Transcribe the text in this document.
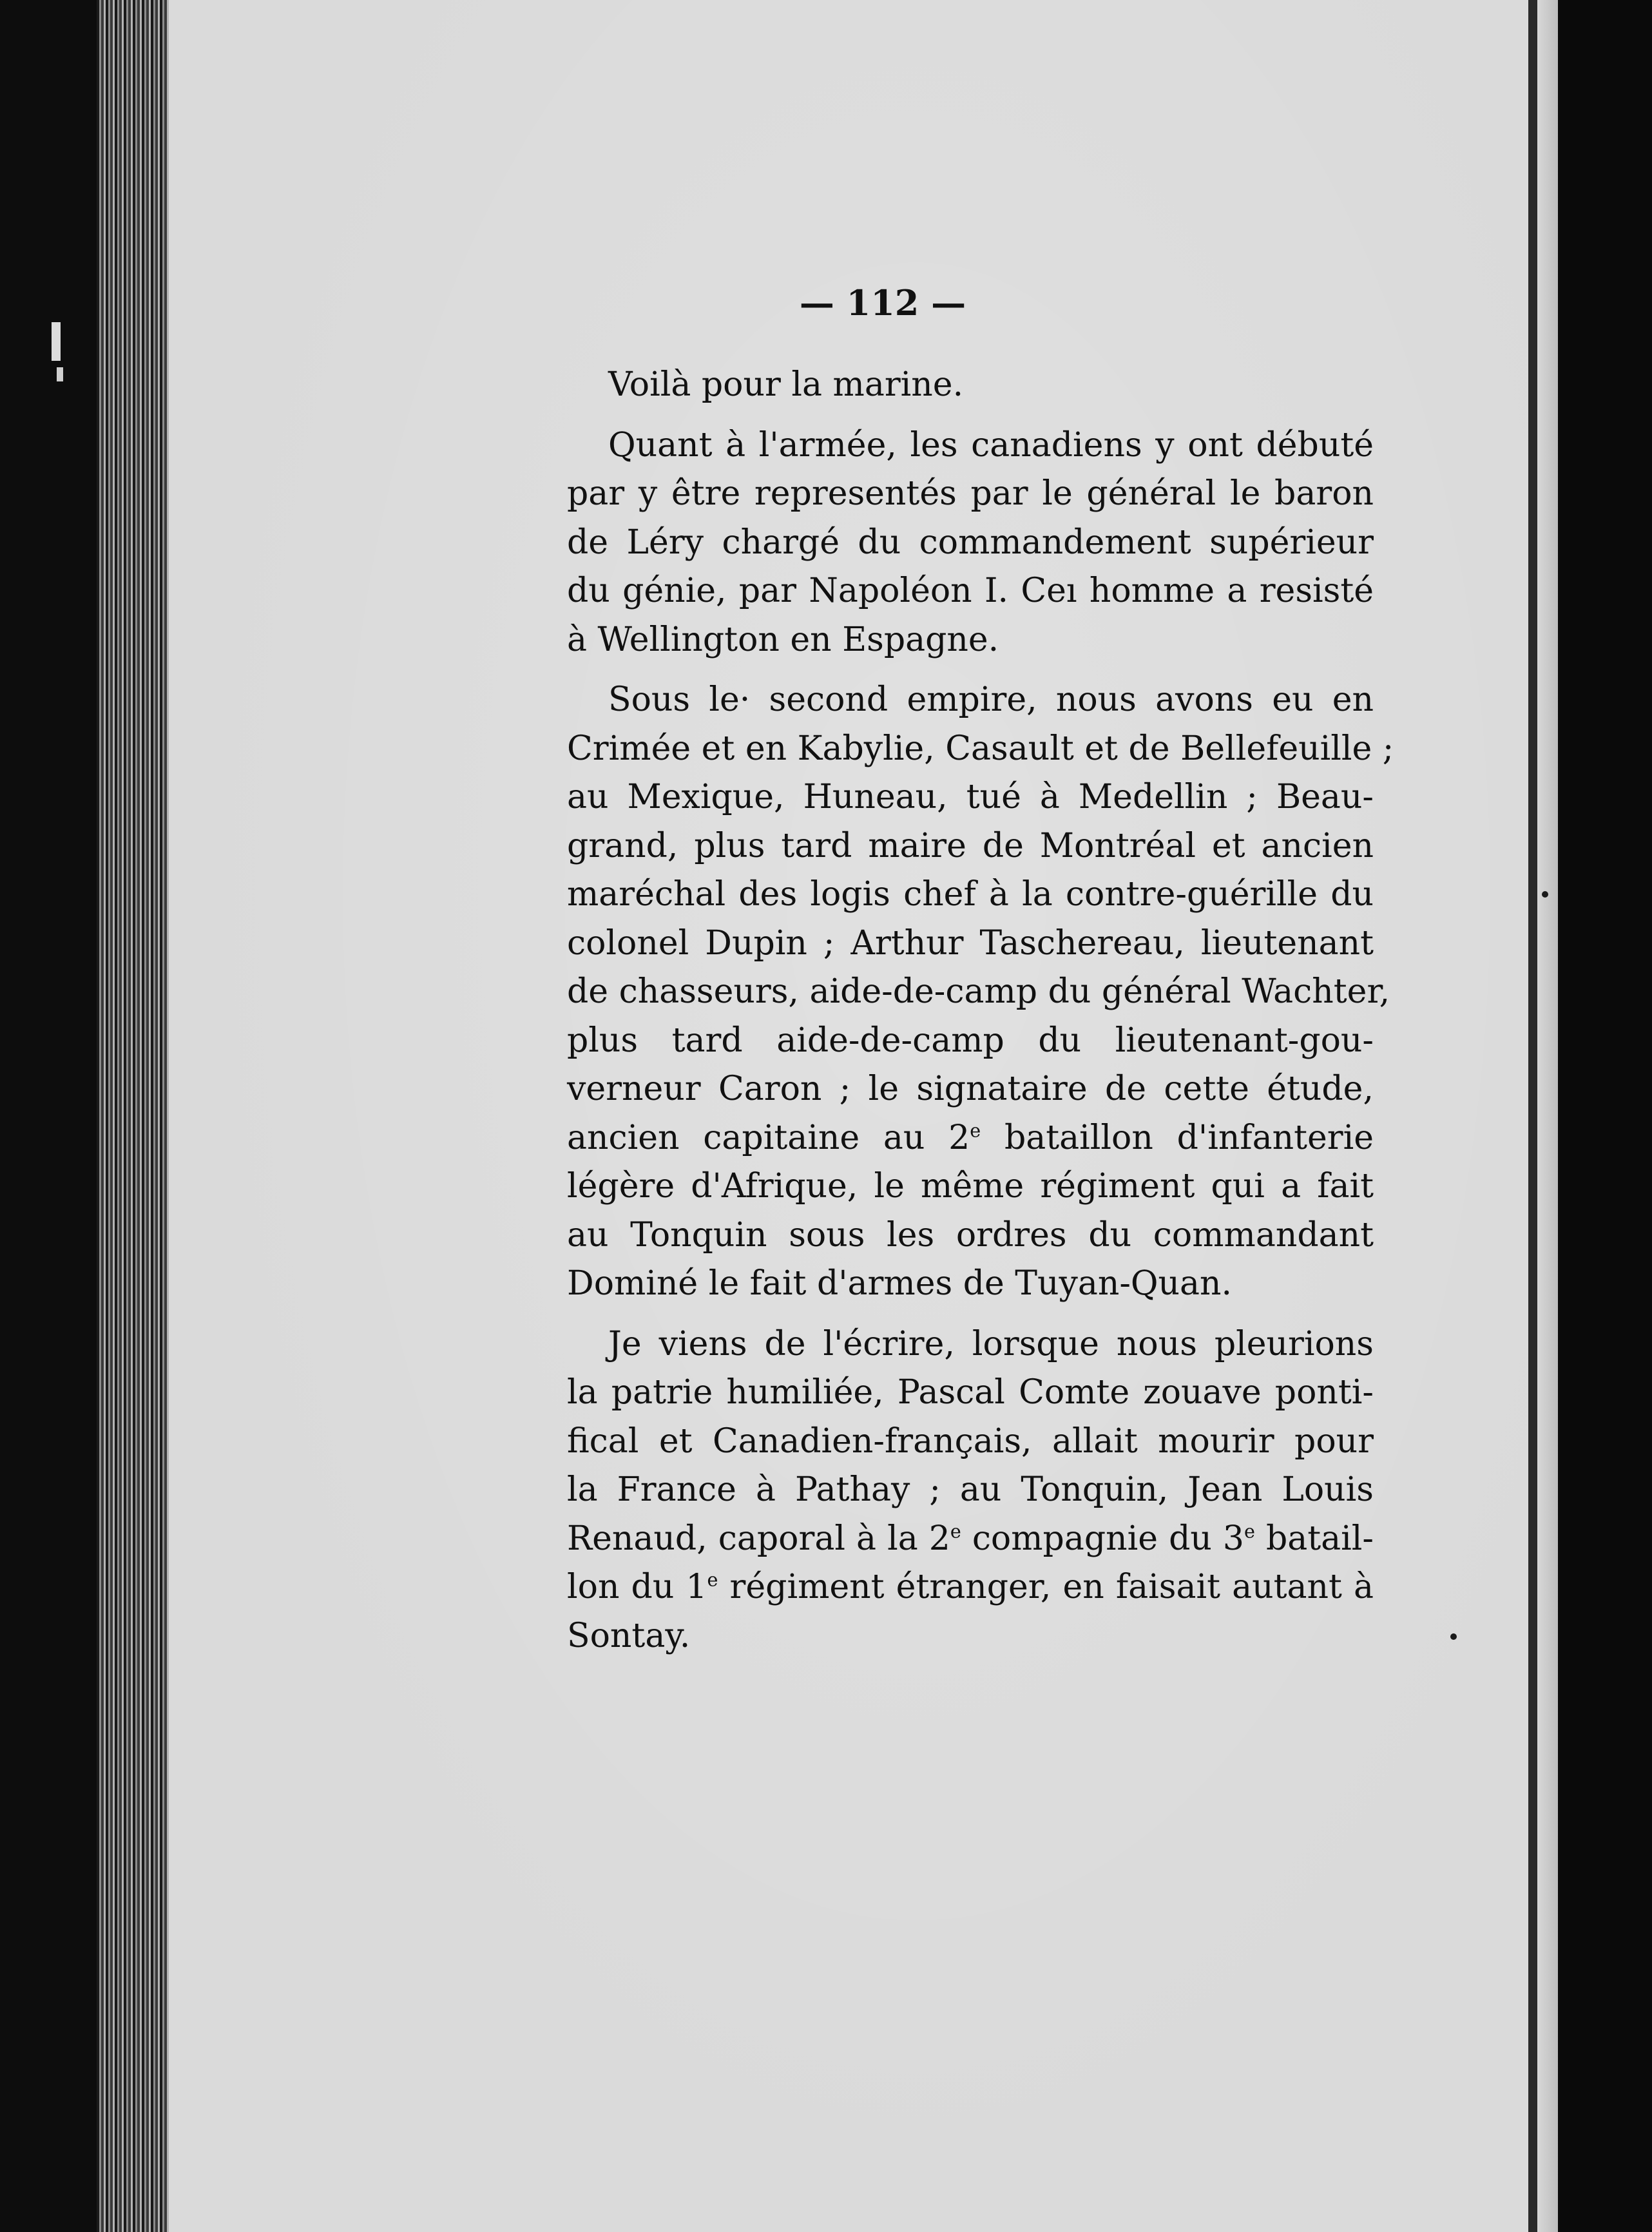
— 112 —

Voilà pour la marine.

Quant à l'armée, les canadiens y ont débuté
par y être representés par le général le baron
de Léry chargé du commandement supérieur
du génie, par Napoléon I. Ceı homme a resisté
à Wellington en Espagne.

Sous le· second empire, nous avons eu en
Crimée et en Kabylie, Casault et de Bellefeuille ;
au Mexique, Huneau, tué à Medellin ; Beau-
grand, plus tard maire de Montréal et ancien
maréchal des logis chef à la contre-guérille du
colonel Dupin ; Arthur Taschereau, lieutenant
de chasseurs, aide-de-camp du général Wachter,
plus tard aide-de-camp du lieutenant-gou-
verneur Caron ; le signataire de cette étude,
ancien capitaine au 2e bataillon d'infanterie
légère d'Afrique, le même régiment qui a fait
au Tonquin sous les ordres du commandant
Dominé le fait d'armes de Tuyan-Quan.

Je viens de l'écrire, lorsque nous pleurions
la patrie humiliée, Pascal Comte zouave ponti-
fical et Canadien-français, allait mourir pour
la France à Pathay ; au Tonquin, Jean Louis
Renaud, caporal à la 2e compagnie du 3e batail-
lon du 1e régiment étranger, en faisait autant à
Sontay.
